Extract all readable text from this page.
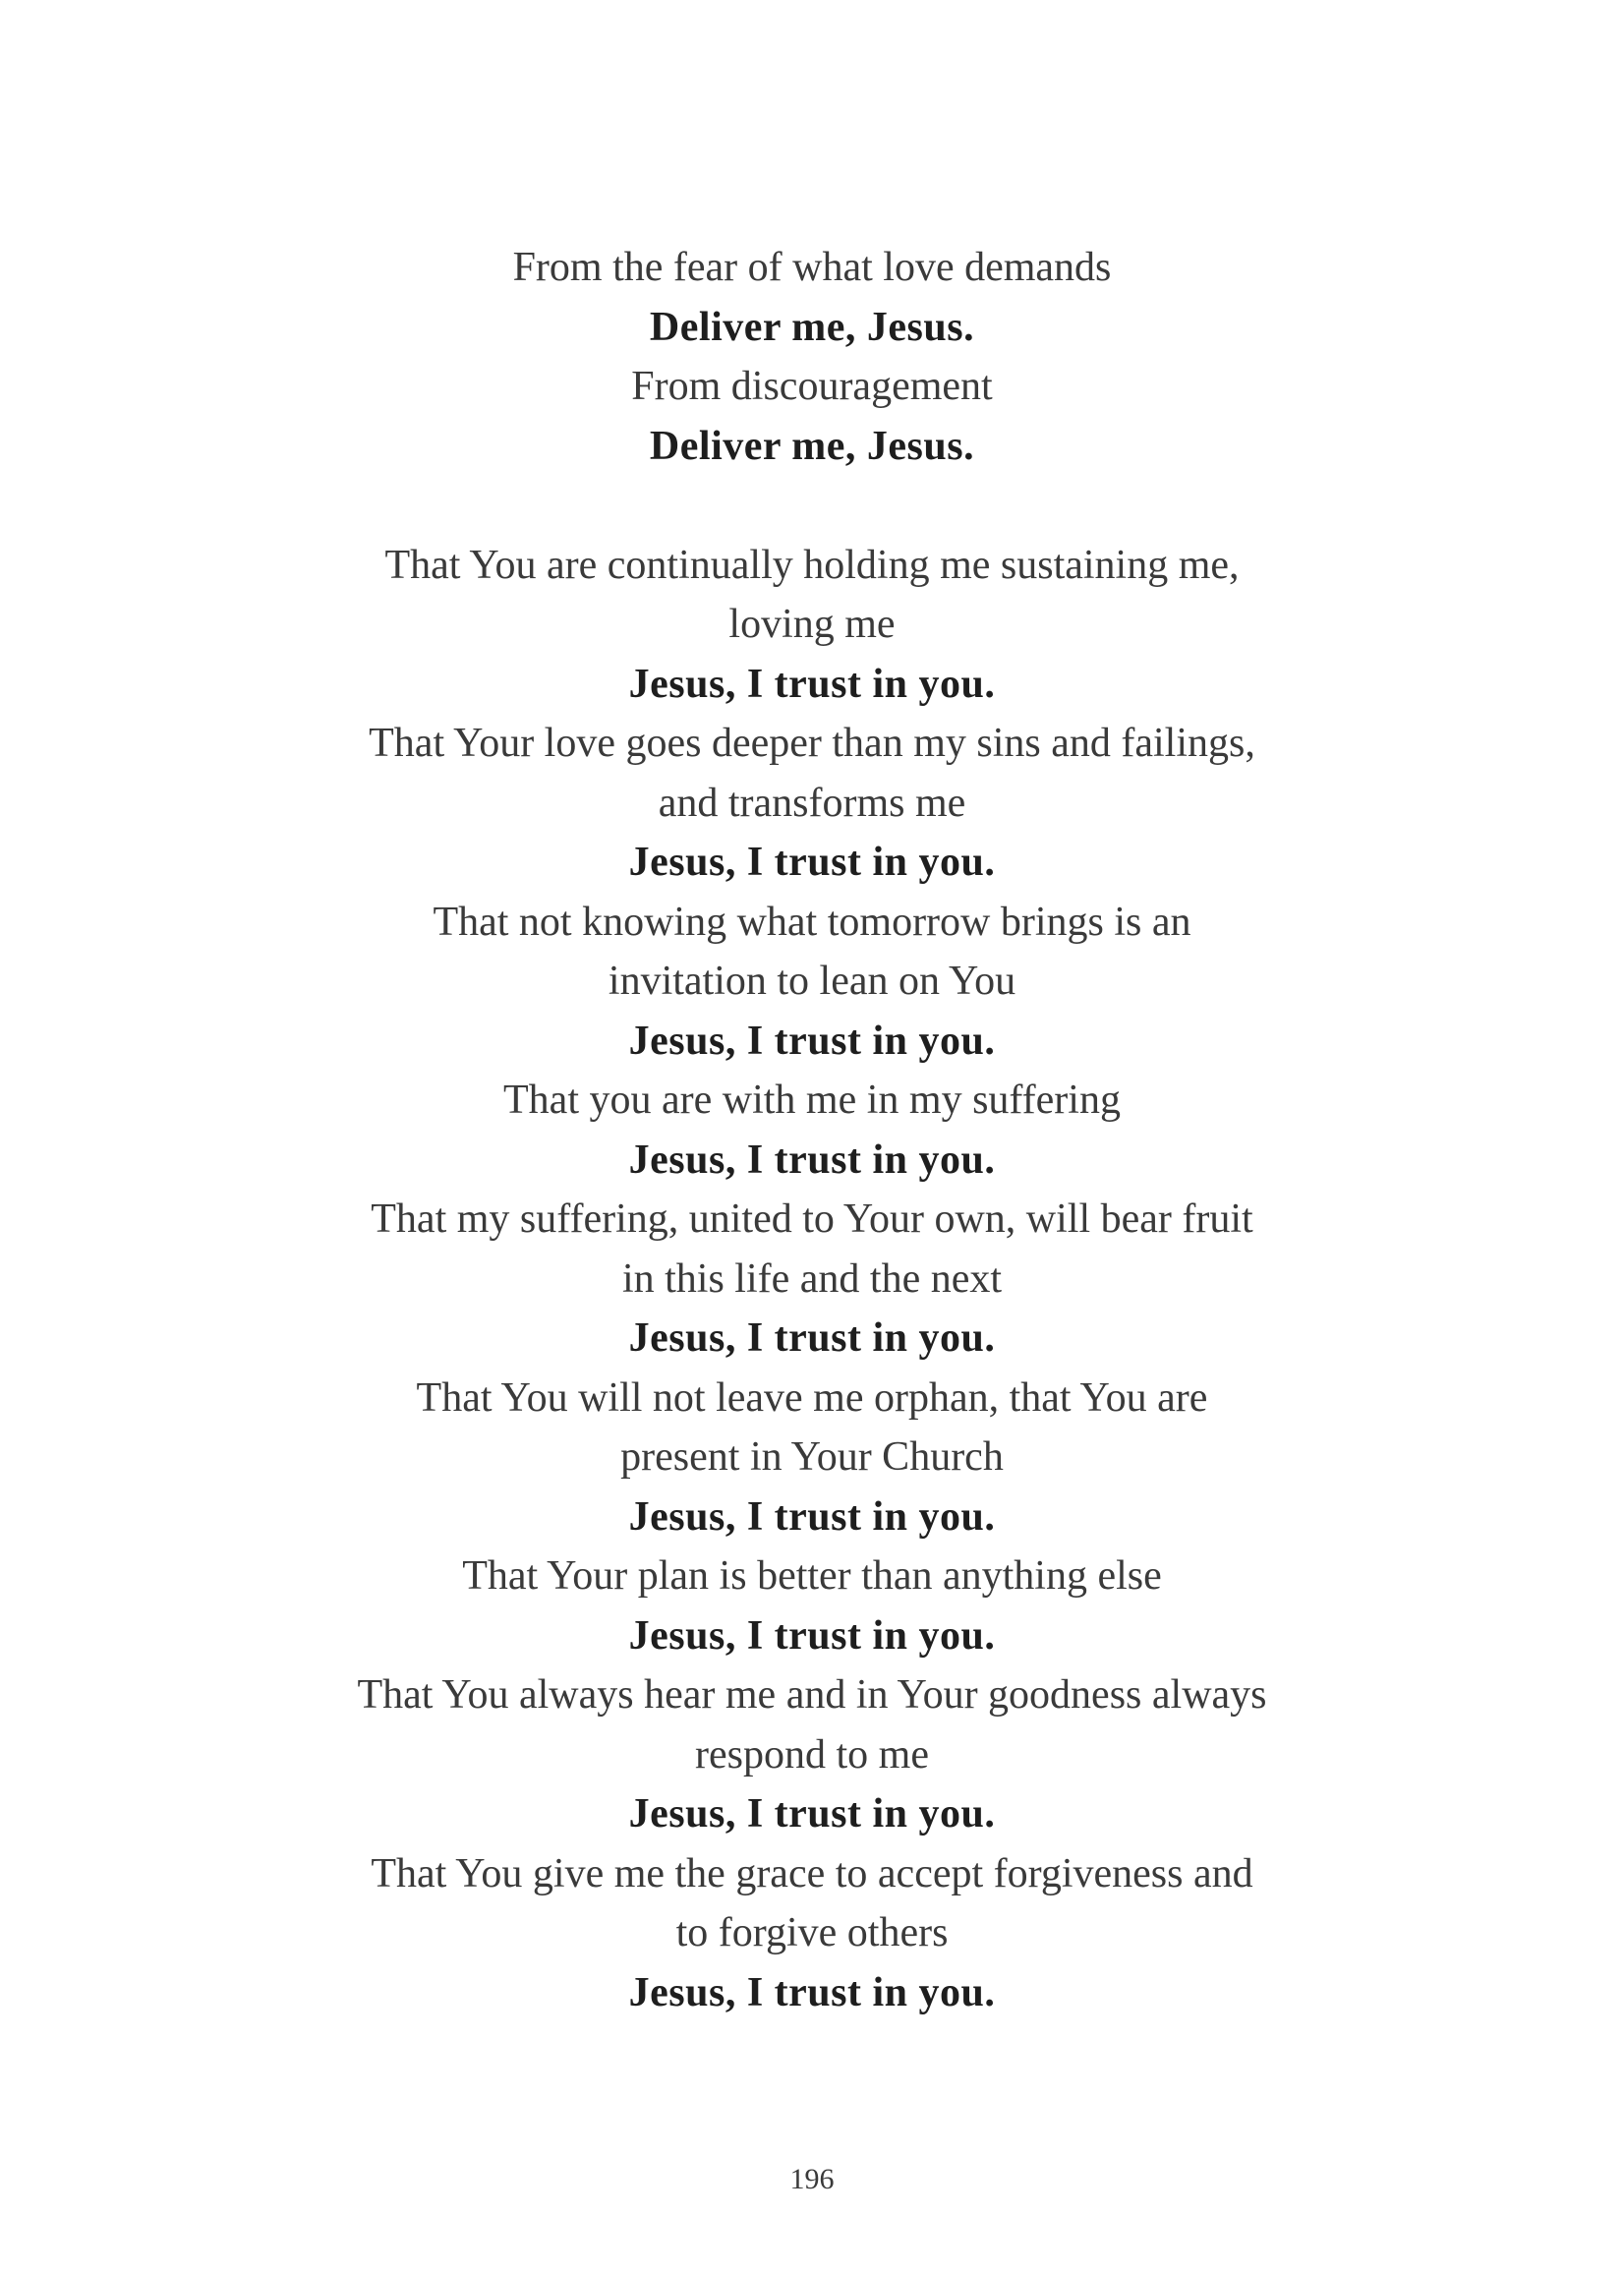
From the fear of what love demands
Deliver me, Jesus.
From discouragement
Deliver me, Jesus.
That You are continually holding me sustaining me,
loving me
Jesus, I trust in you.
That Your love goes deeper than my sins and failings,
and transforms me
Jesus, I trust in you.
That not knowing what tomorrow brings is an
invitation to lean on You
Jesus, I trust in you.
That you are with me in my suffering
Jesus, I trust in you.
That my suffering, united to Your own, will bear fruit
in this life and the next
Jesus, I trust in you.
That You will not leave me orphan, that You are
present in Your Church
Jesus, I trust in you.
That Your plan is better than anything else
Jesus, I trust in you.
That You always hear me and in Your goodness always
respond to me
Jesus, I trust in you.
That You give me the grace to accept forgiveness and
to forgive others
Jesus, I trust in you.
196
